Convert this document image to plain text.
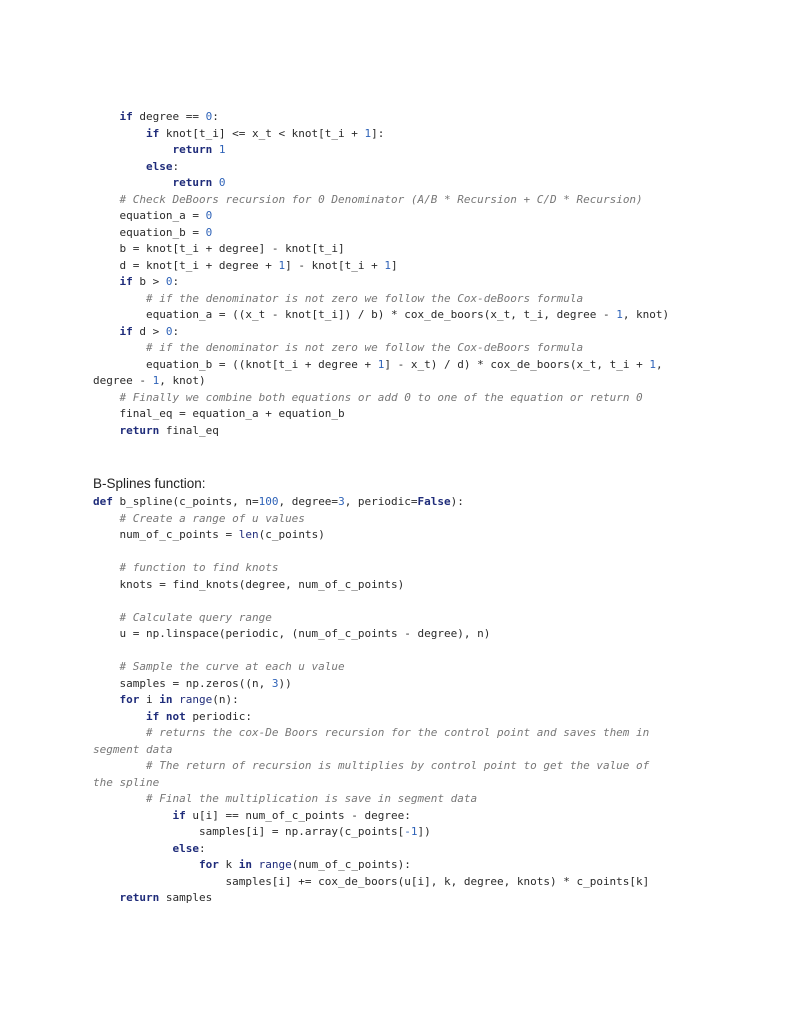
if degree == 0:
if knot[t_i] <= x_t < knot[t_i + 1]:
return 1
else:
return 0
# Check DeBoors recursion for 0 Denominator (A/B * Recursion + C/D * Recursion)
equation_a = 0
equation_b = 0
b = knot[t_i + degree] - knot[t_i]
d = knot[t_i + degree + 1] - knot[t_i + 1]
if b > 0:
# if the denominator is not zero we follow the Cox-deBoors formula
equation_a = ((x_t - knot[t_i]) / b) * cox_de_boors(x_t, t_i, degree - 1, knot)
if d > 0:
# if the denominator is not zero we follow the Cox-deBoors formula
equation_b = ((knot[t_i + degree + 1] - x_t) / d) * cox_de_boors(x_t, t_i + 1,
degree - 1, knot)
# Finally we combine both equations or add 0 to one of the equation or return 0
final_eq = equation_a + equation_b
return final_eq
B-Splines function:
def b_spline(c_points, n=100, degree=3, periodic=False):
# Create a range of u values
num_of_c_points = len(c_points)
# function to find knots
knots = find_knots(degree, num_of_c_points)
# Calculate query range
u = np.linspace(periodic, (num_of_c_points - degree), n)
# Sample the curve at each u value
samples = np.zeros((n, 3))
for i in range(n):
if not periodic:
# returns the cox-De Boors recursion for the control point and saves them in
segment data
# The return of recursion is multiplies by control point to get the value of
the spline
# Final the multiplication is save in segment data
if u[i] == num_of_c_points - degree:
samples[i] = np.array(c_points[-1])
else:
for k in range(num_of_c_points):
samples[i] += cox_de_boors(u[i], k, degree, knots) * c_points[k]
return samples
